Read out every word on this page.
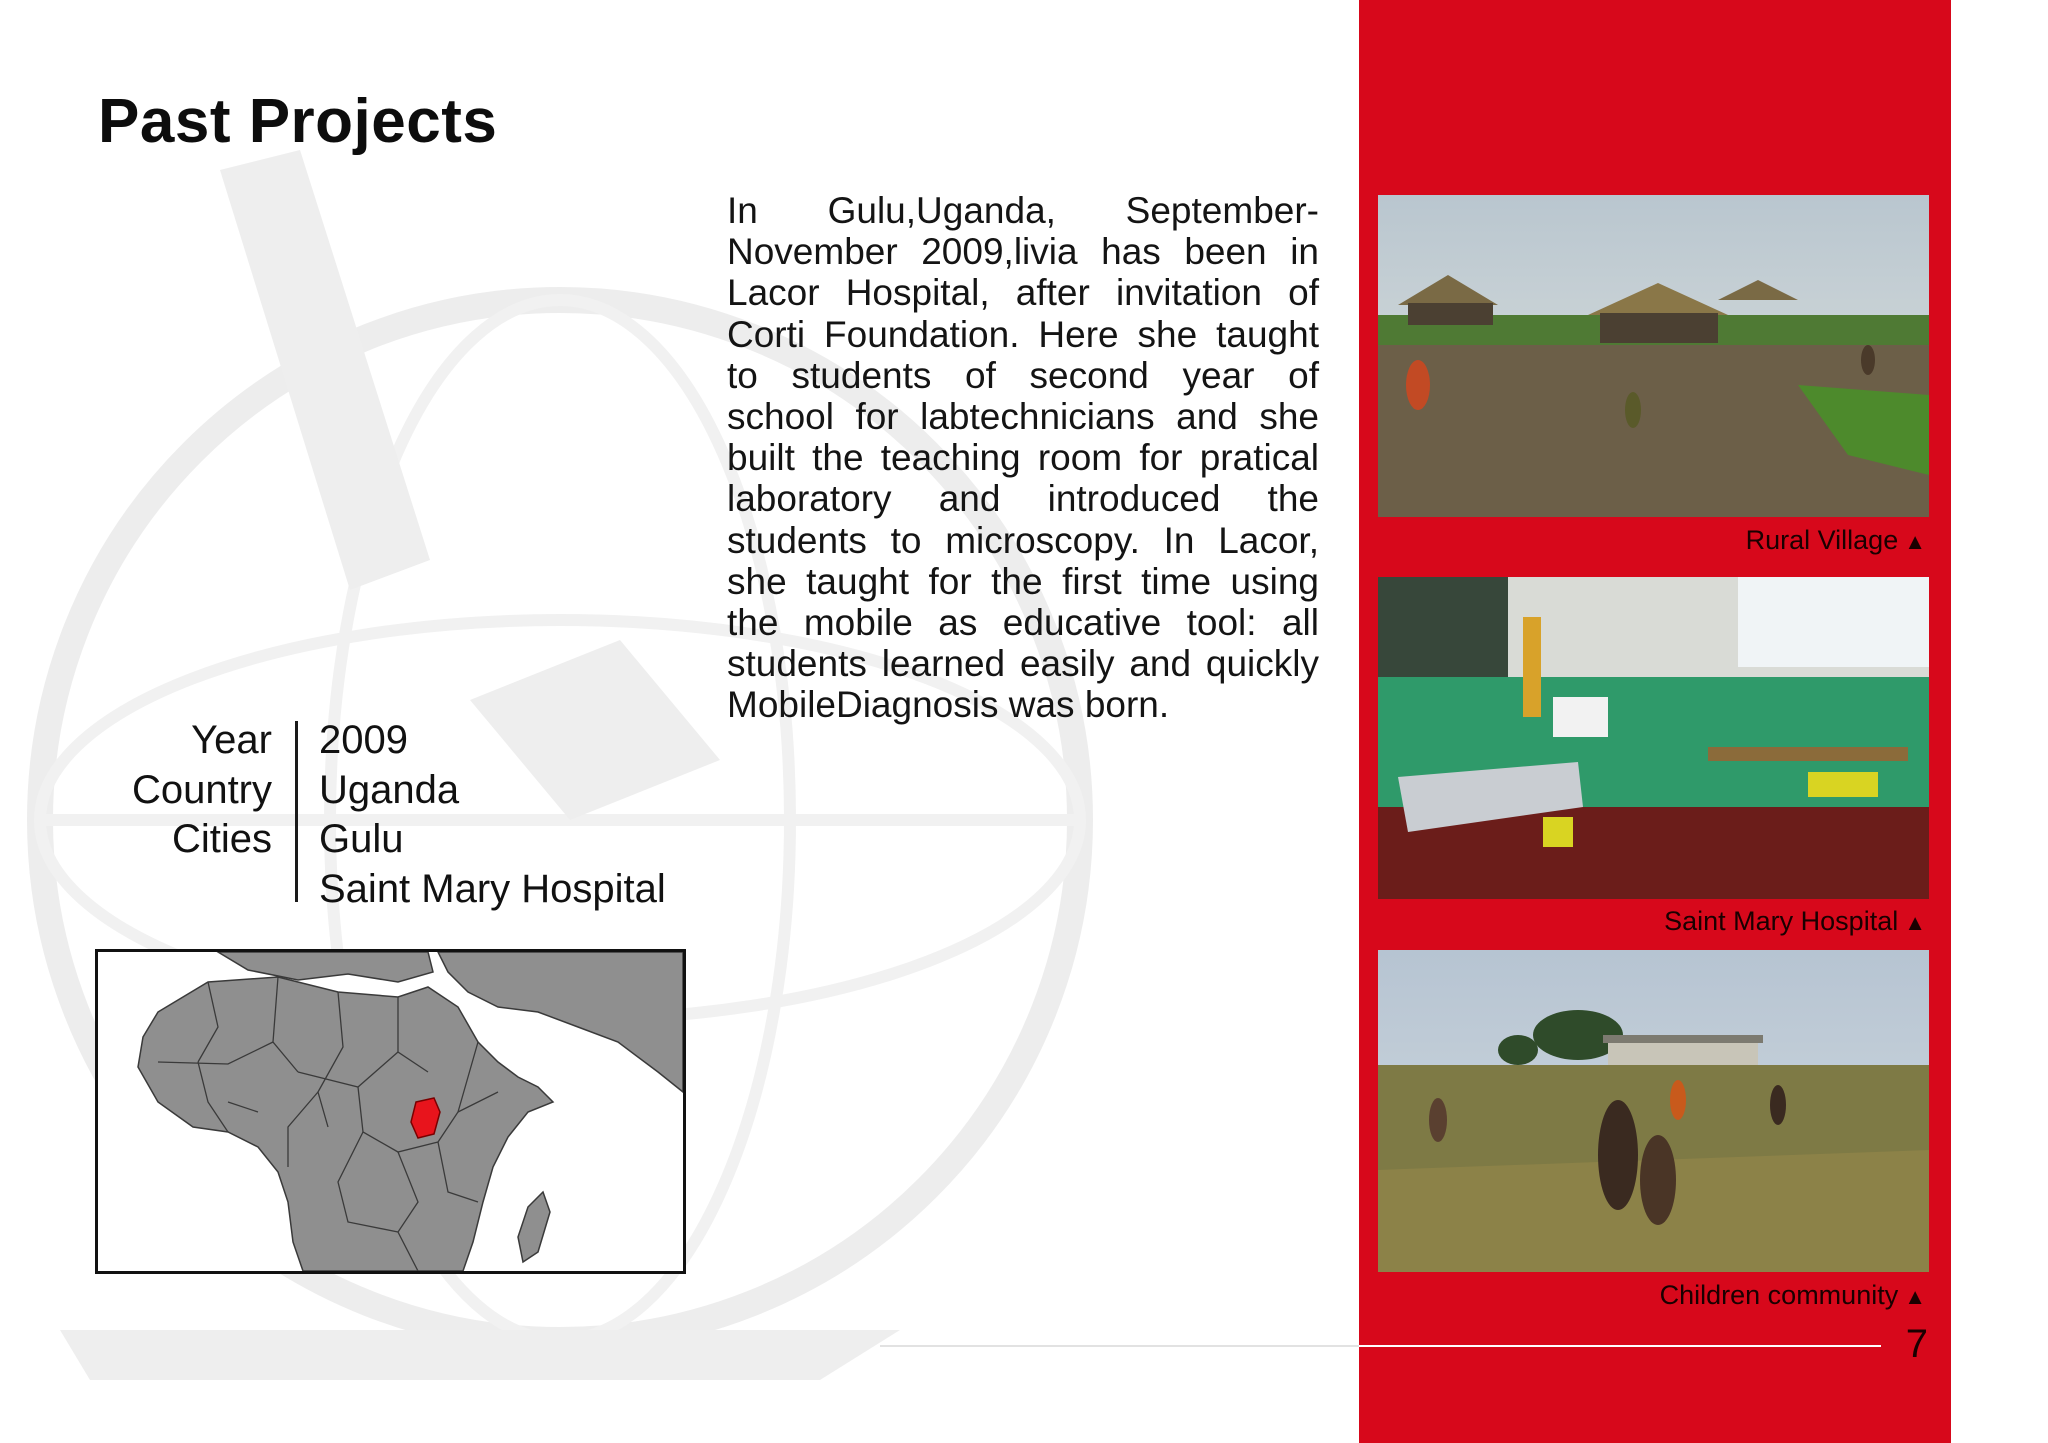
Past Projects
In Gulu,Uganda, September-November 2009,livia has been in Lacor Hospital, after invitation of Corti Foundation. Here she taught to students of second year of school for labtechnicians and she built the teaching room for pratical laboratory and introduced the students to microscopy. In Lacor, she taught for the first time using the mobile as educative tool: all students learned easily and quickly MobileDiagnosis was born.
Year
Country
Cities
2009
Uganda
Gulu
Saint Mary Hospital
Rural Village ▲
Saint Mary Hospital ▲
Children community ▲
7
